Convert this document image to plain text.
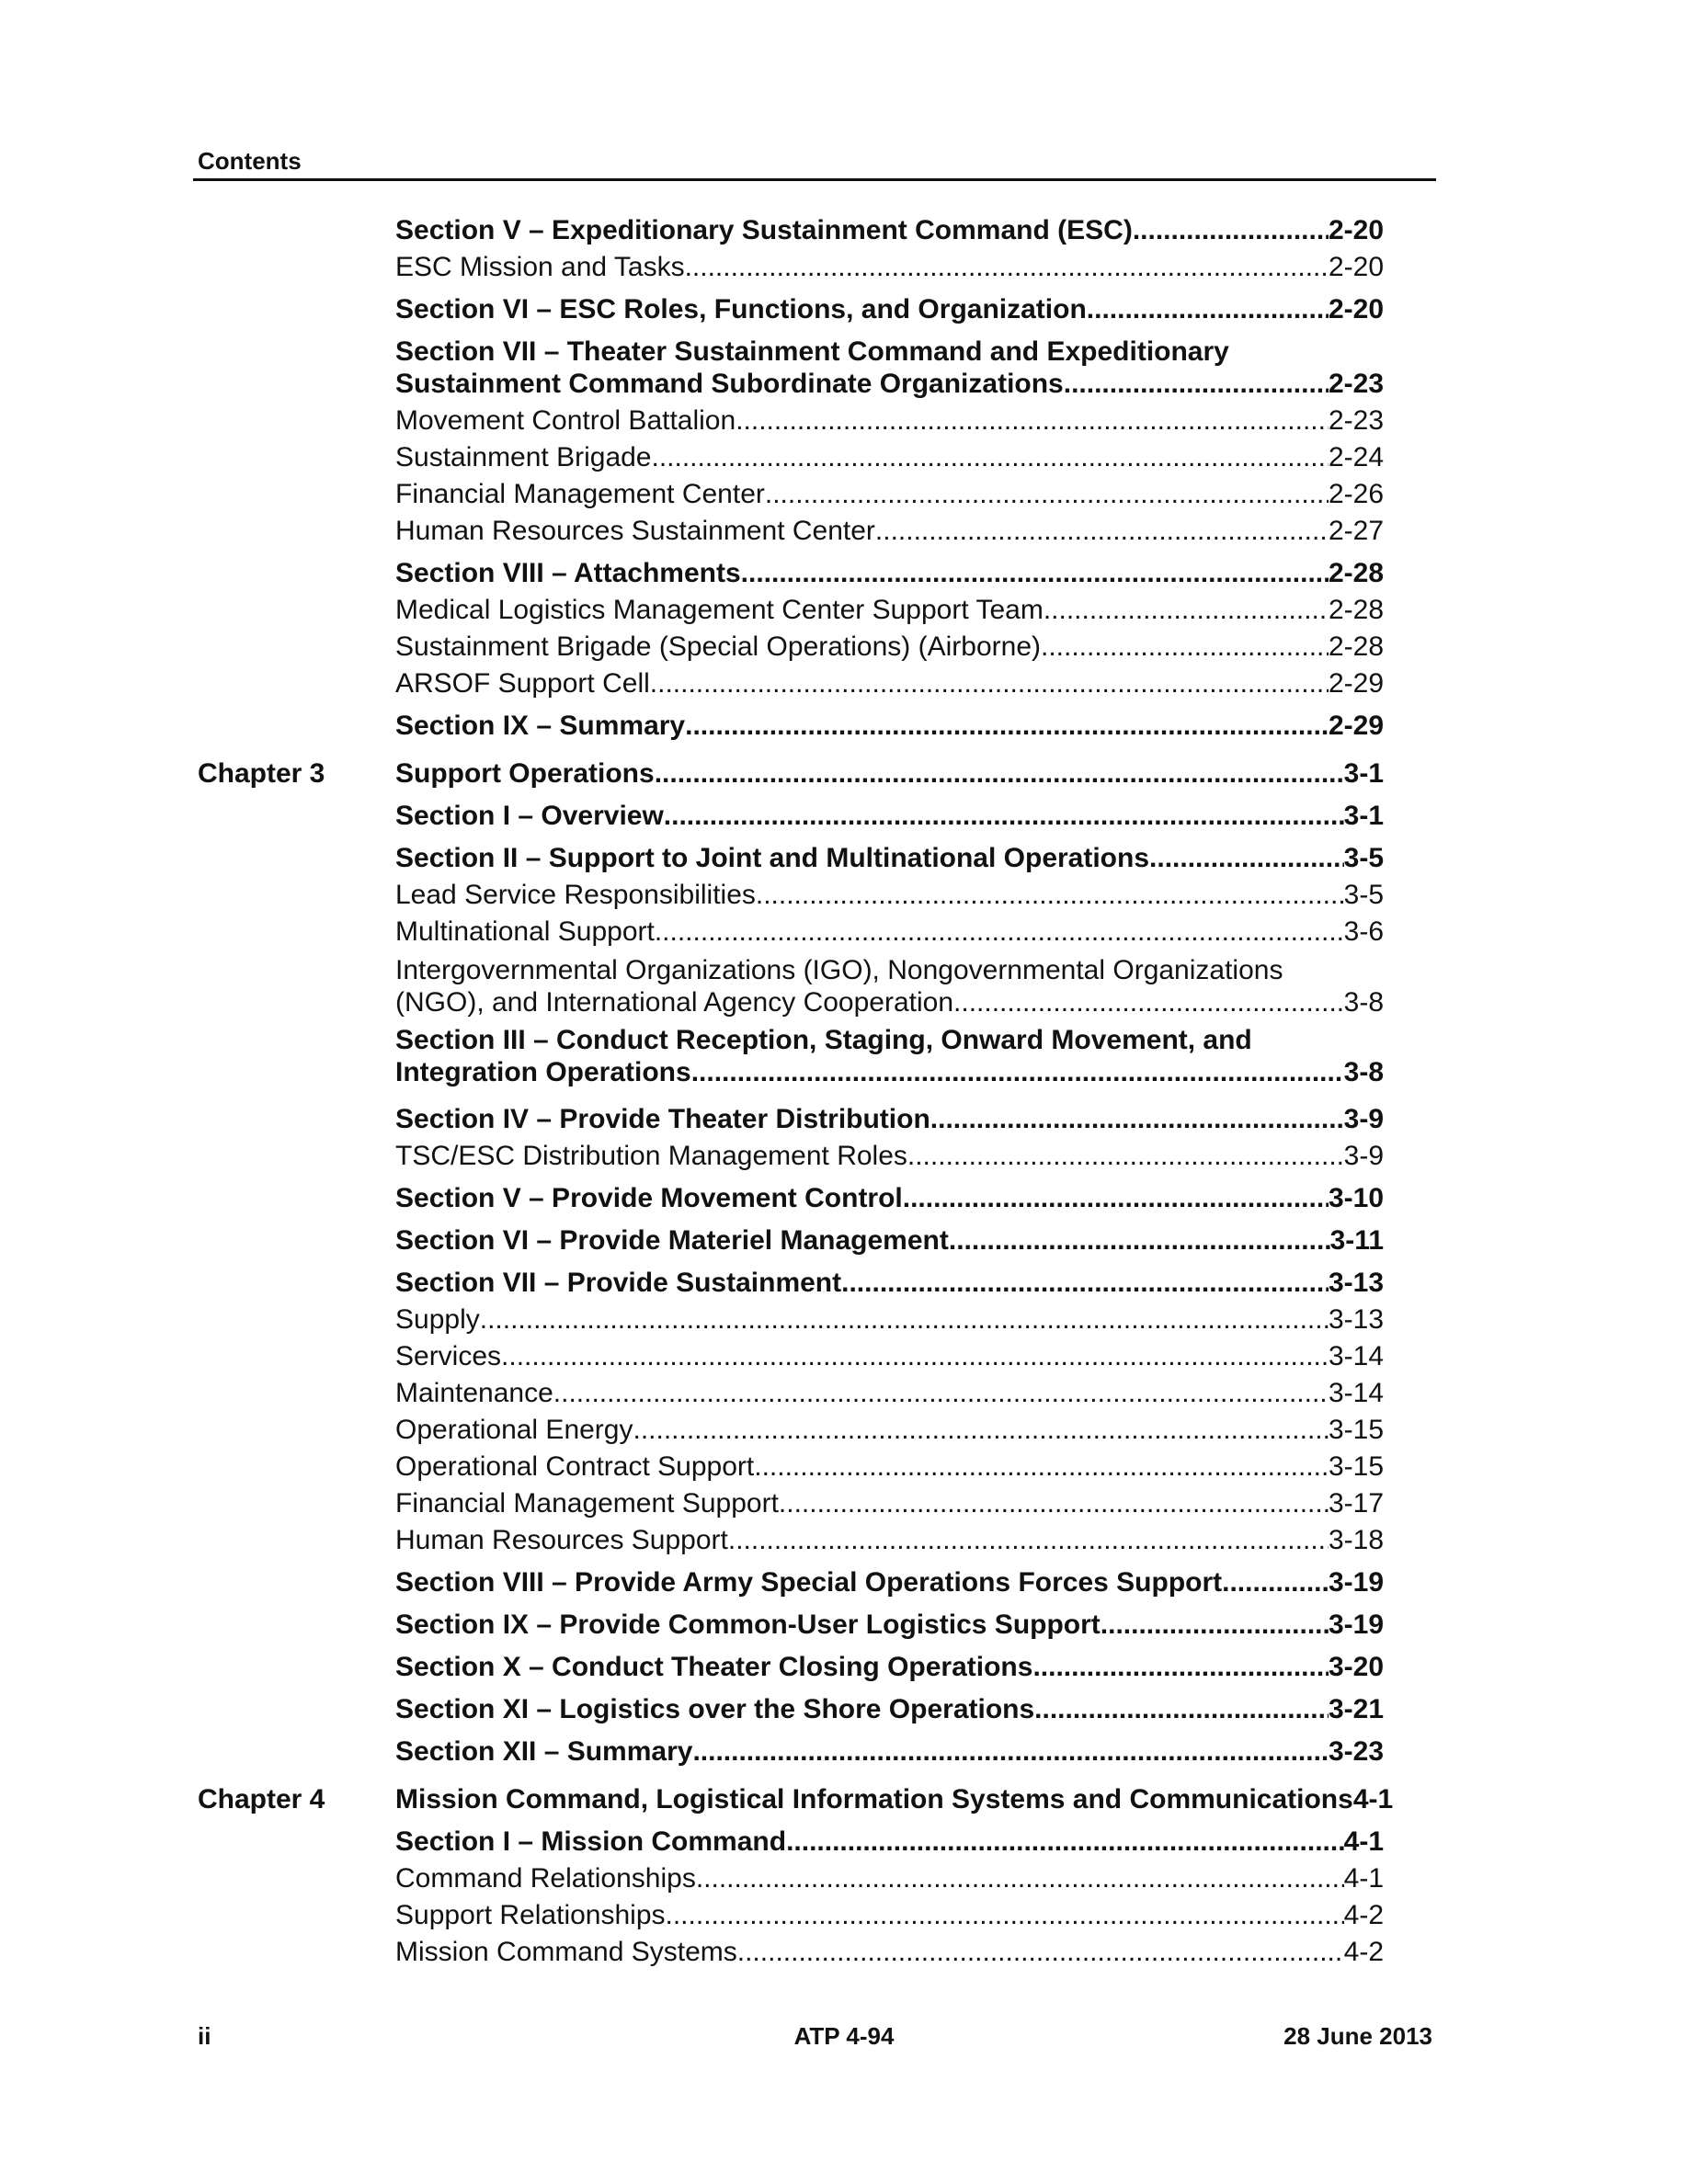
Contents
Section V – Expeditionary Sustainment Command (ESC) .....	2-20
ESC Mission and Tasks .....	2-20
Section VI – ESC Roles, Functions, and Organization .....	2-20
Section VII – Theater Sustainment Command and Expeditionary
Sustainment Command Subordinate Organizations .....	2-23
Movement Control Battalion .....	2-23
Sustainment Brigade .....	2-24
Financial Management Center .....	2-26
Human Resources Sustainment Center .....	2-27
Section VIII – Attachments .....	2-28
Medical Logistics Management Center Support Team .....	2-28
Sustainment Brigade (Special Operations) (Airborne) .....	2-28
ARSOF Support Cell .....	2-29
Section IX – Summary .....	2-29
Chapter 3	Support Operations .....	3-1
Section I – Overview .....	3-1
Section II – Support to Joint and Multinational Operations .....	3-5
Lead Service Responsibilities .....	3-5
Multinational Support .....	3-6
Intergovernmental Organizations (IGO), Nongovernmental Organizations
(NGO), and International Agency Cooperation .....	3-8
Section III – Conduct Reception, Staging, Onward Movement, and
Integration Operations .....	3-8
Section IV – Provide Theater Distribution .....	3-9
TSC/ESC Distribution Management Roles .....	3-9
Section V – Provide Movement Control .....	3-10
Section VI – Provide Materiel Management .....	3-11
Section VII – Provide Sustainment .....	3-13
Supply .....	3-13
Services .....	3-14
Maintenance .....	3-14
Operational Energy .....	3-15
Operational Contract Support .....	3-15
Financial Management Support .....	3-17
Human Resources Support .....	3-18
Section VIII – Provide Army Special Operations Forces Support .....	3-19
Section IX – Provide Common-User Logistics Support .....	3-19
Section X – Conduct Theater Closing Operations .....	3-20
Section XI – Logistics over the Shore Operations .....	3-21
Section XII – Summary .....	3-23
Chapter 4	Mission Command, Logistical Information Systems and Communications 4-1
Section I – Mission Command .....	4-1
Command Relationships .....	4-1
Support Relationships .....	4-2
Mission Command Systems .....	4-2
ii	ATP 4-94	28 June 2013
